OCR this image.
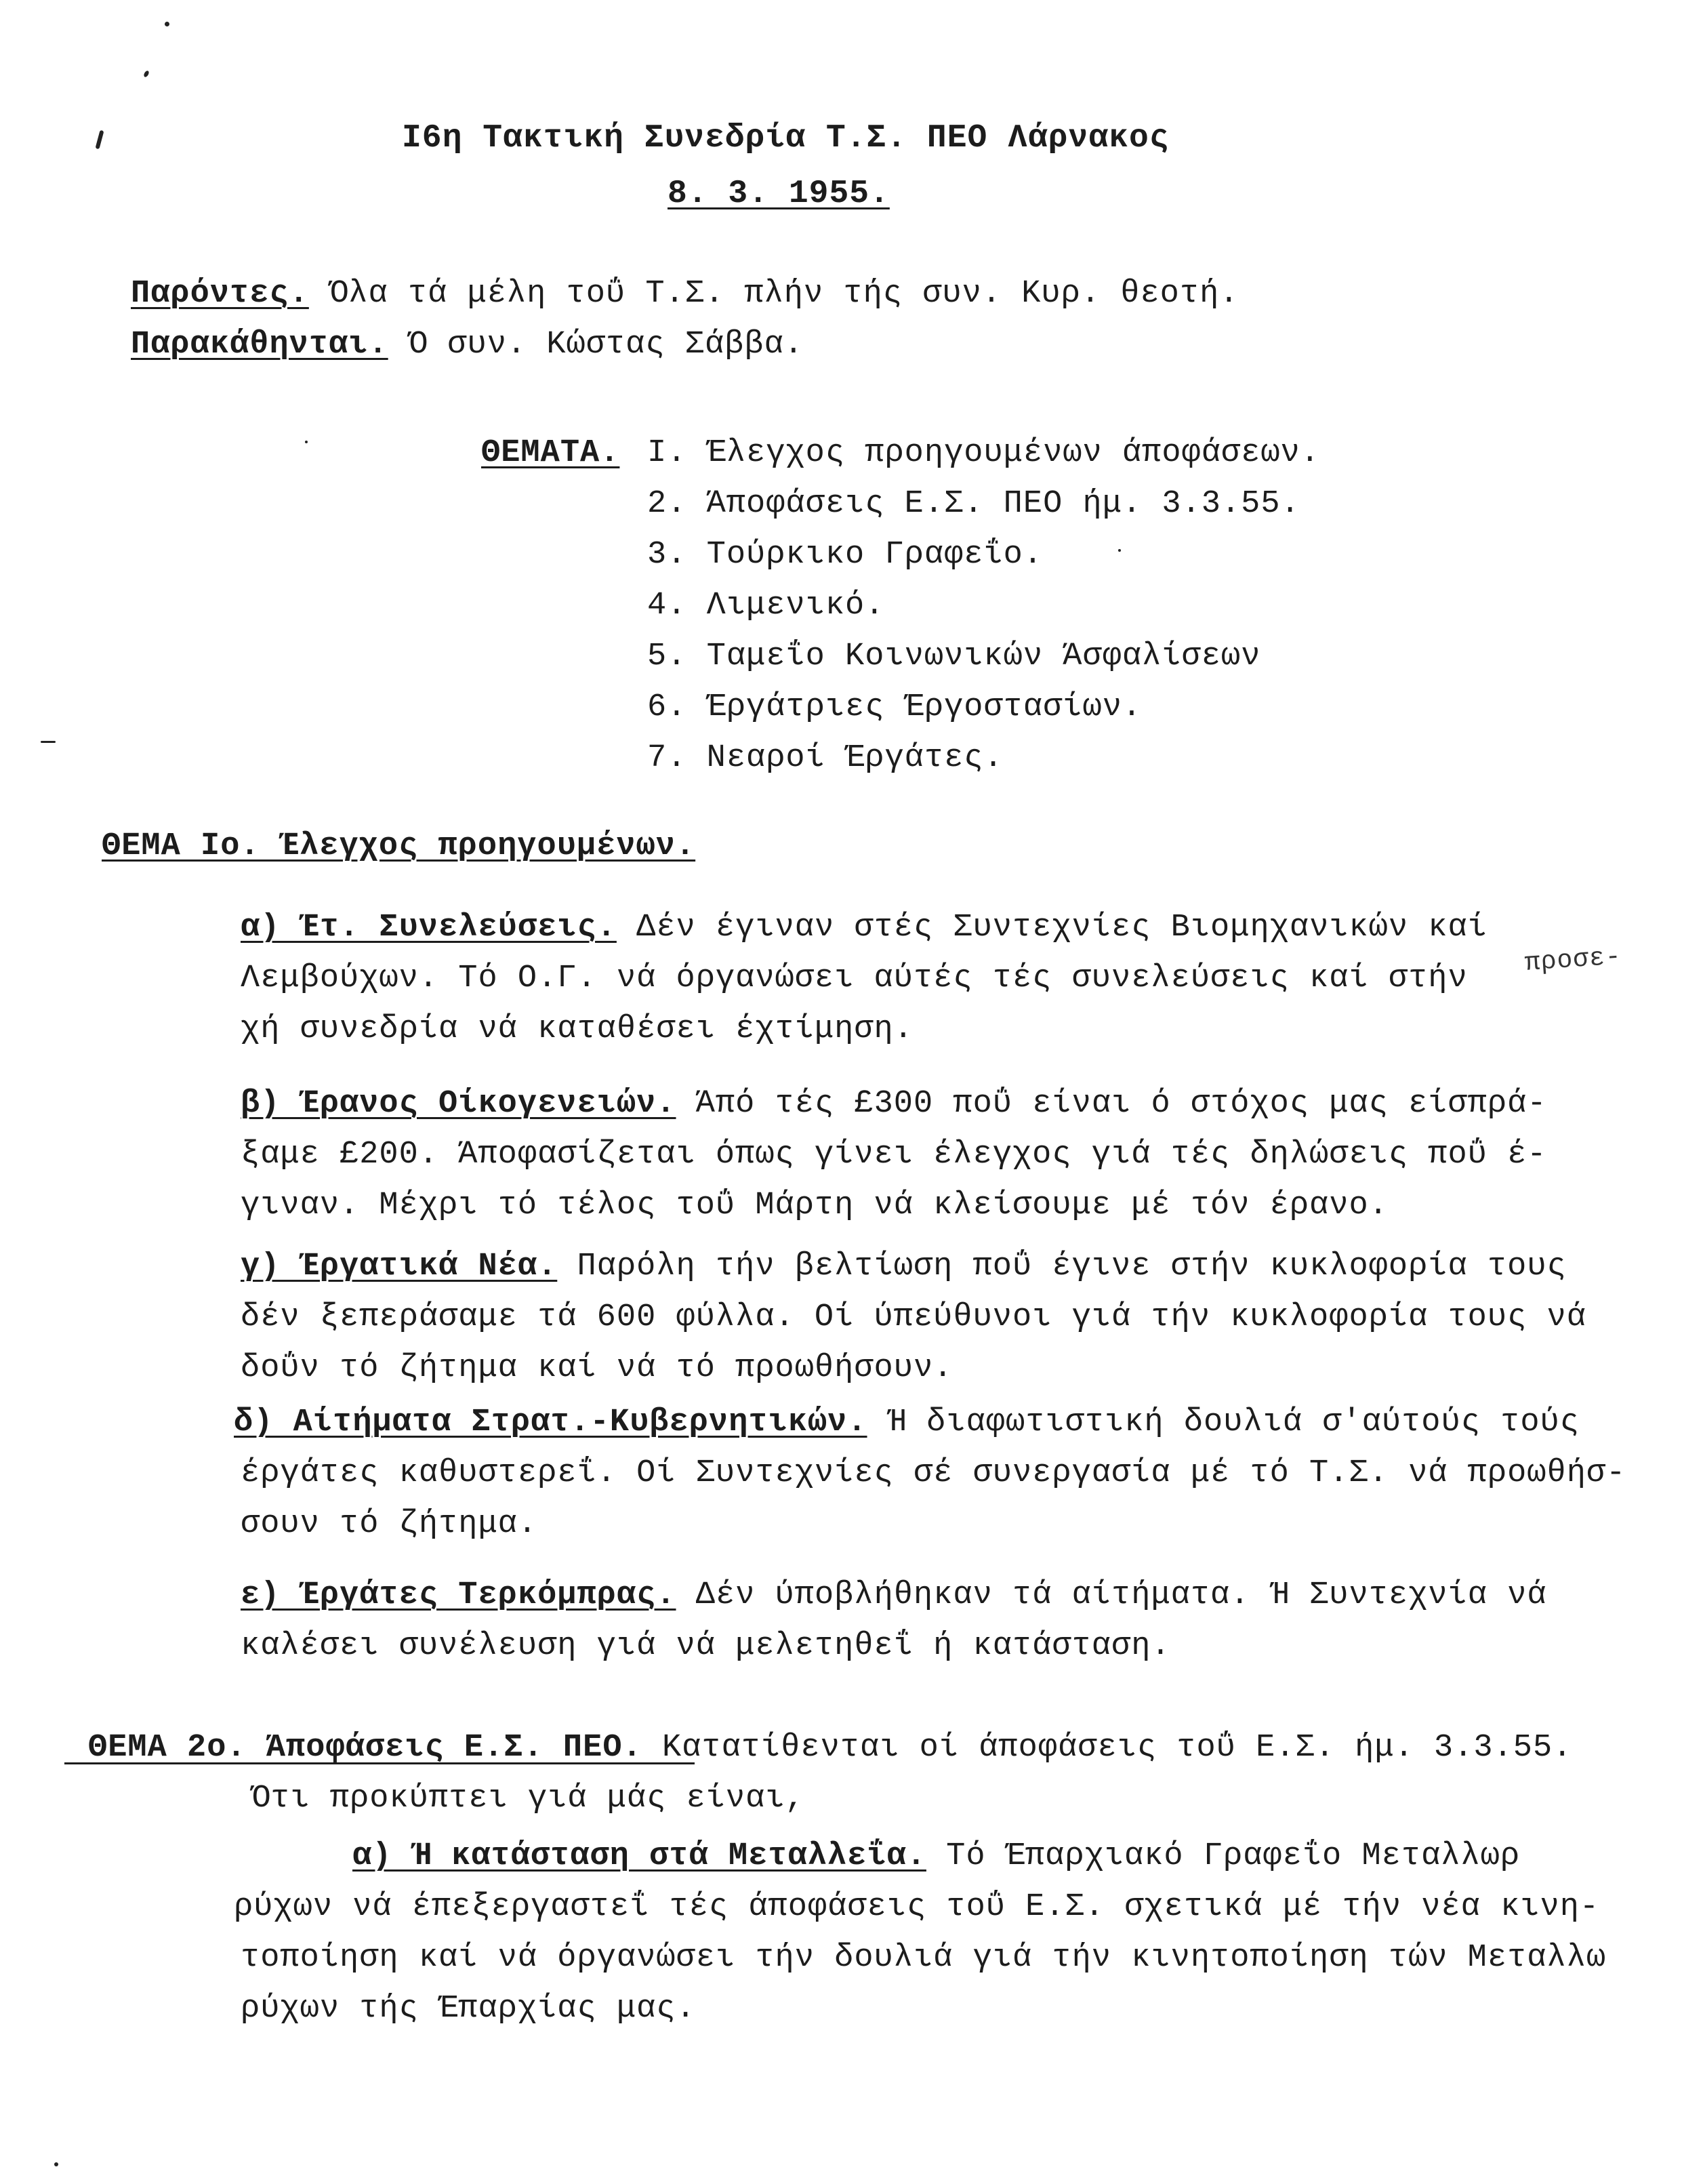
Ι6η Τακτική Συνεδρία Τ.Σ. ΠΕΟ Λάρνακος
8. 3. 1955.
Παρόντες. Όλα τά μέλη τοΰ Τ.Σ. πλήν τής συν. Κυρ. θεοτή.
Παρακάθηνται. Ό συν. Κώστας Σάββα.
ΘΕΜΑΤΑ. Ι. Έλεγχος προηγουμένων άποφάσεων.
2. Άποφάσεις Ε.Σ. ΠΕΟ ήμ. 3.3.55.
3. Τούρκικο Γραφεΐο.
4. Λιμενικό.
5. Ταμεΐο Κοινωνικών Άσφαλίσεων
6. Έργάτριες Έργοστασίων.
7. Νεαροί Έργάτες.
ΘΕΜΑ Ιο. Έλεγχος προηγουμένων.
α) Έτ. Συνελεύσεις. Δέν έγιναν στές Συντεχνίες Βιομηχανικών καί
Λεμβούχων. Τό Ο.Γ. νά όργανώσει αύτές τές συνελεύσεις καί στήν
χή συνεδρία νά καταθέσει έχτίμηση.
προσε-
β) Έρανος Οίκογενειών. Άπό τές £300 ποΰ είναι ό στόχος μας είσπρά-
ξαμε £200. Άποφασίζεται όπως γίνει έλεγχος γιά τές δηλώσεις ποΰ έ-
γιναν. Μέχρι τό τέλος τοΰ Μάρτη νά κλείσουμε μέ τόν έρανο.
γ) Έργατικά Νέα. Παρόλη τήν βελτίωση ποΰ έγινε στήν κυκλοφορία τους
δέν ξεπεράσαμε τά 600 φύλλα. Οί ύπεύθυνοι γιά τήν κυκλοφορία τους νά
δοΰν τό ζήτημα καί νά τό προωθήσουν.
δ) Αίτήματα Στρατ.-Κυβερνητικών. Ή διαφωτιστική δουλιά σ'αύτούς τούς
έργάτες καθυστερεΐ. Οί Συντεχνίες σέ συνεργασία μέ τό Τ.Σ. νά προωθήσ-
σουν τό ζήτημα.
ε) Έργάτες Τερκόμπρας. Δέν ύποβλήθηκαν τά αίτήματα. Ή Συντεχνία νά
καλέσει συνέλευση γιά νά μελετηθεΐ ή κατάσταση.
ΘΕΜΑ 2ο. Άποφάσεις Ε.Σ. ΠΕΟ. Κατατίθενται οί άποφάσεις τοΰ Ε.Σ. ήμ. 3.3.55.
Ότι προκύπτει γιά μάς είναι,
α) Ή κατάσταση στά Μεταλλεΐα. Τό Έπαρχιακό Γραφεΐο Μεταλλωρ
ρύχων νά έπεξεργαστεΐ τές άποφάσεις τοΰ Ε.Σ. σχετικά μέ τήν νέα κινη-
τοποίηση καί νά όργανώσει τήν δουλιά γιά τήν κινητοποίηση τών Μεταλλω
ρύχων τής Έπαρχίας μας.
